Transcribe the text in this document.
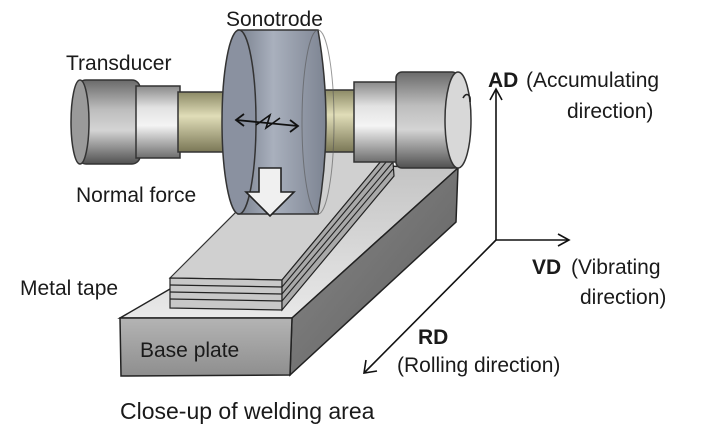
Sonotrode
Transducer
Normal force
Metal tape
Base plate
AD (Accumulating
direction)
VD (Vibrating
direction)
RD
(Rolling direction)
Close-up of welding area
